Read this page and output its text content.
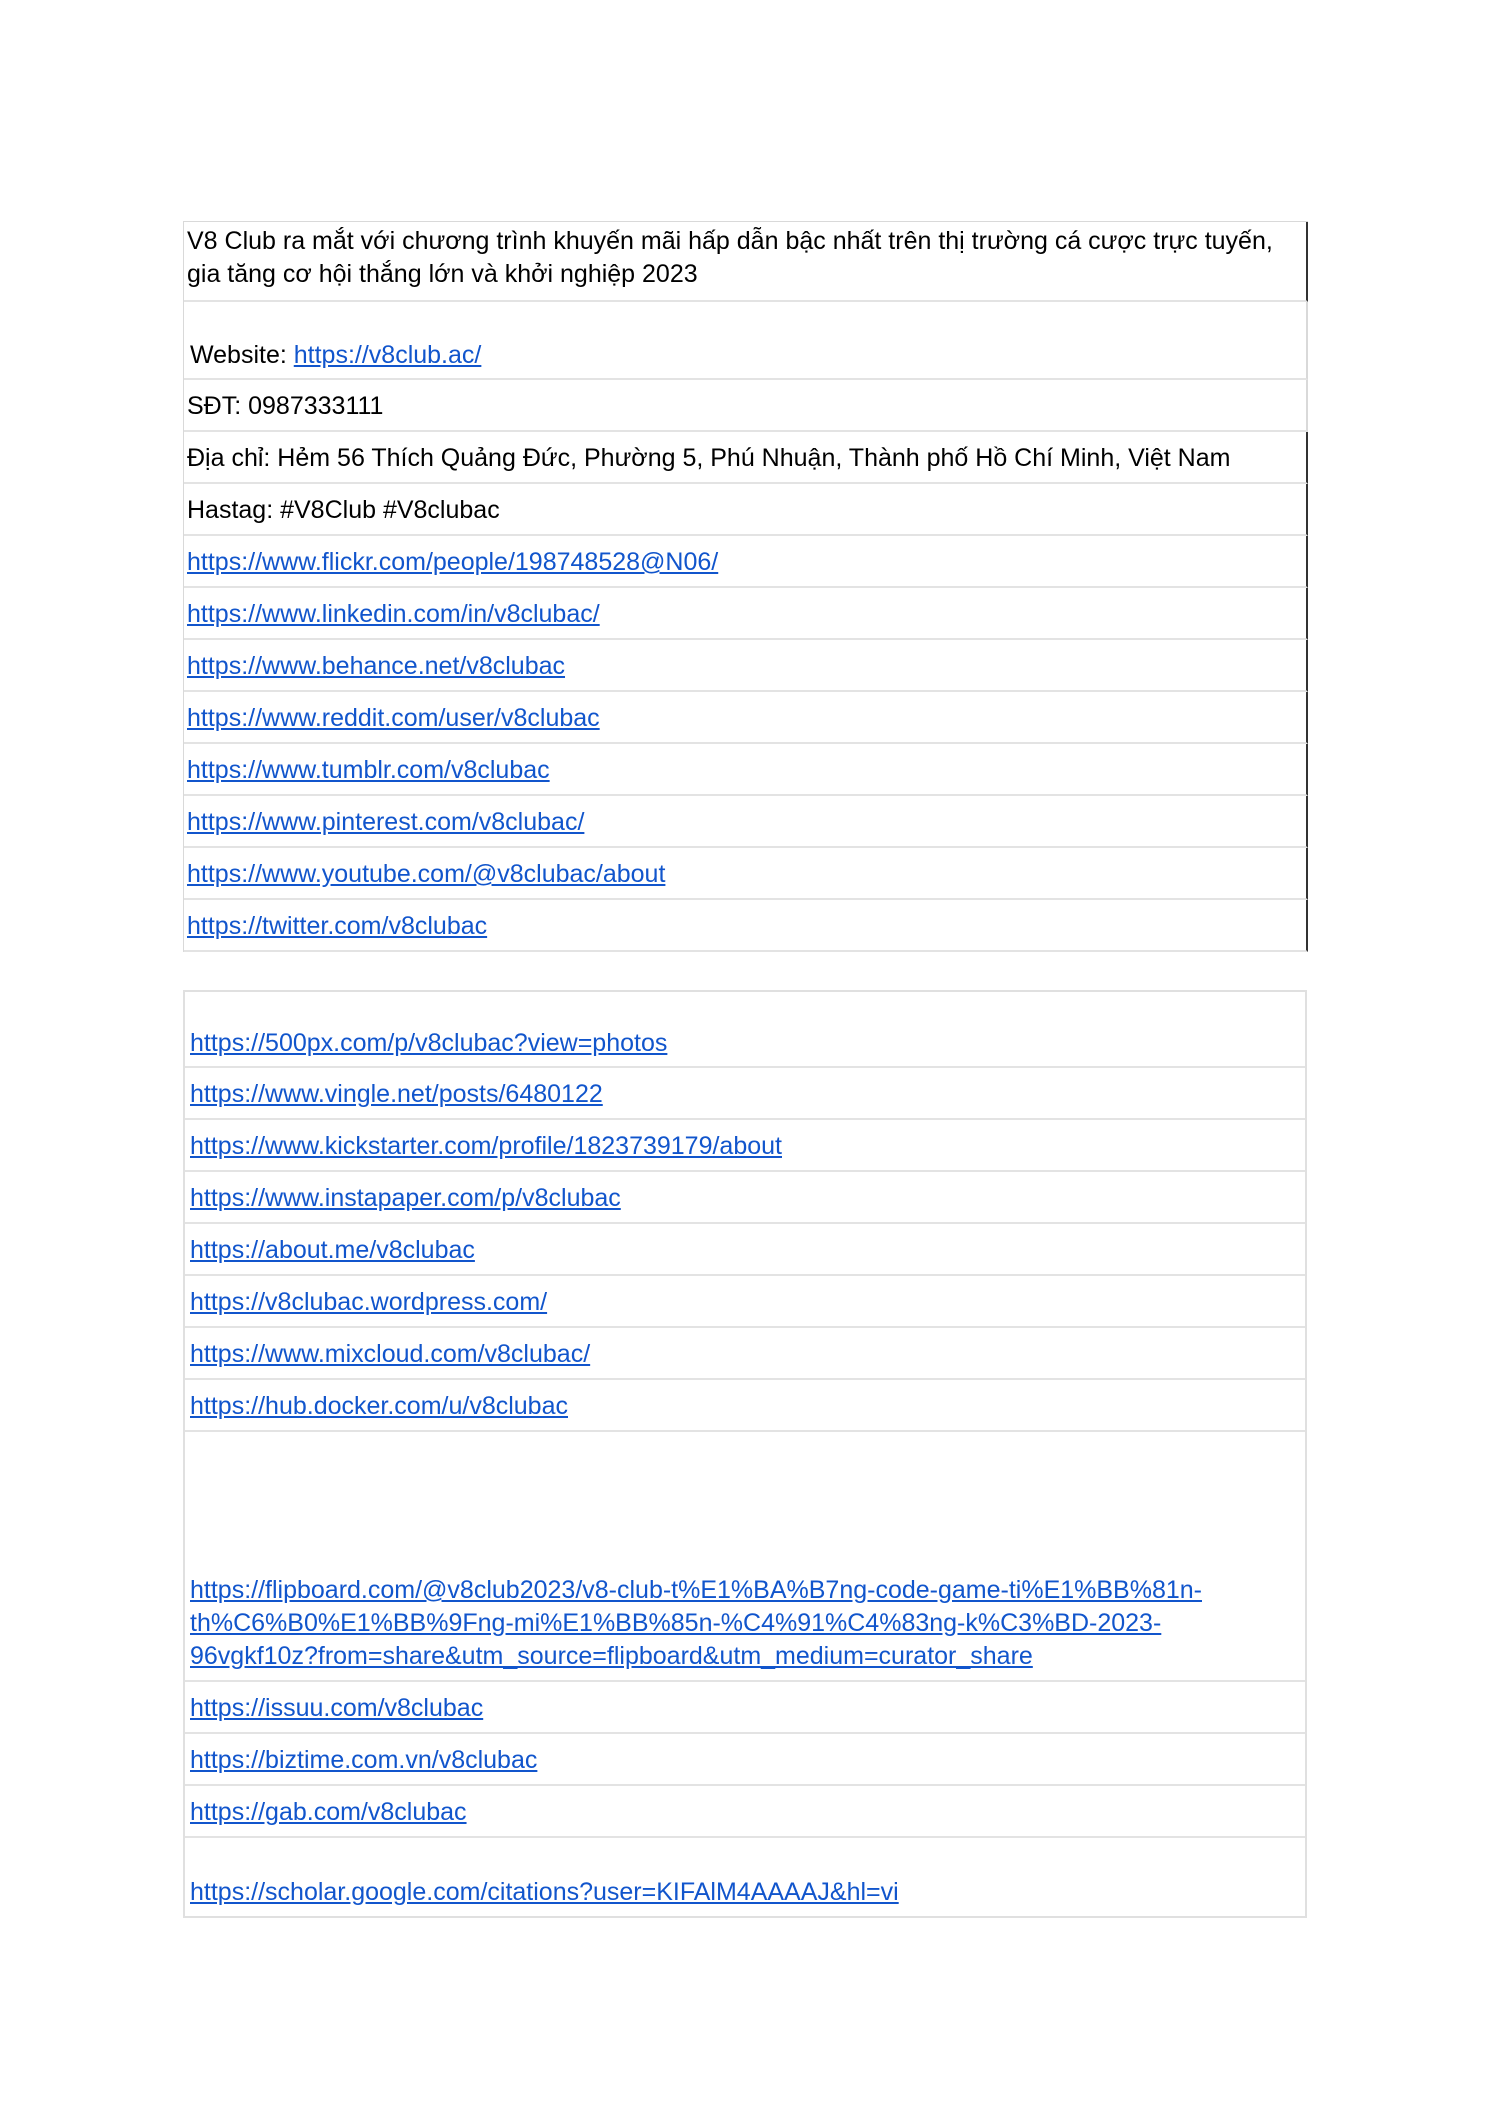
V8 Club ra mắt với chương trình khuyến mãi hấp dẫn bậc nhất trên thị trường cá cược trực tuyến, gia tăng cơ hội thắng lớn và khởi nghiệp 2023
Website: https://v8club.ac/
SĐT: 0987333111
Địa chỉ: Hẻm 56 Thích Quảng Đức, Phường 5, Phú Nhuận, Thành phố Hồ Chí Minh, Việt Nam
Hastag: #V8Club #V8clubac
https://www.flickr.com/people/198748528@N06/
https://www.linkedin.com/in/v8clubac/
https://www.behance.net/v8clubac
https://www.reddit.com/user/v8clubac
https://www.tumblr.com/v8clubac
https://www.pinterest.com/v8clubac/
https://www.youtube.com/@v8clubac/about
https://twitter.com/v8clubac
https://500px.com/p/v8clubac?view=photos
https://www.vingle.net/posts/6480122
https://www.kickstarter.com/profile/1823739179/about
https://www.instapaper.com/p/v8clubac
https://about.me/v8clubac
https://v8clubac.wordpress.com/
https://www.mixcloud.com/v8clubac/
https://hub.docker.com/u/v8clubac
https://flipboard.com/@v8club2023/v8-club-t%E1%BA%B7ng-code-game-ti%E1%BB%81n-
th%C6%B0%E1%BB%9Fng-mi%E1%BB%85n-%C4%91%C4%83ng-k%C3%BD-2023-
96vgkf10z?from=share&utm_source=flipboard&utm_medium=curator_share
https://issuu.com/v8clubac
https://biztime.com.vn/v8clubac
https://gab.com/v8clubac
https://scholar.google.com/citations?user=KIFAlM4AAAAJ&hl=vi
